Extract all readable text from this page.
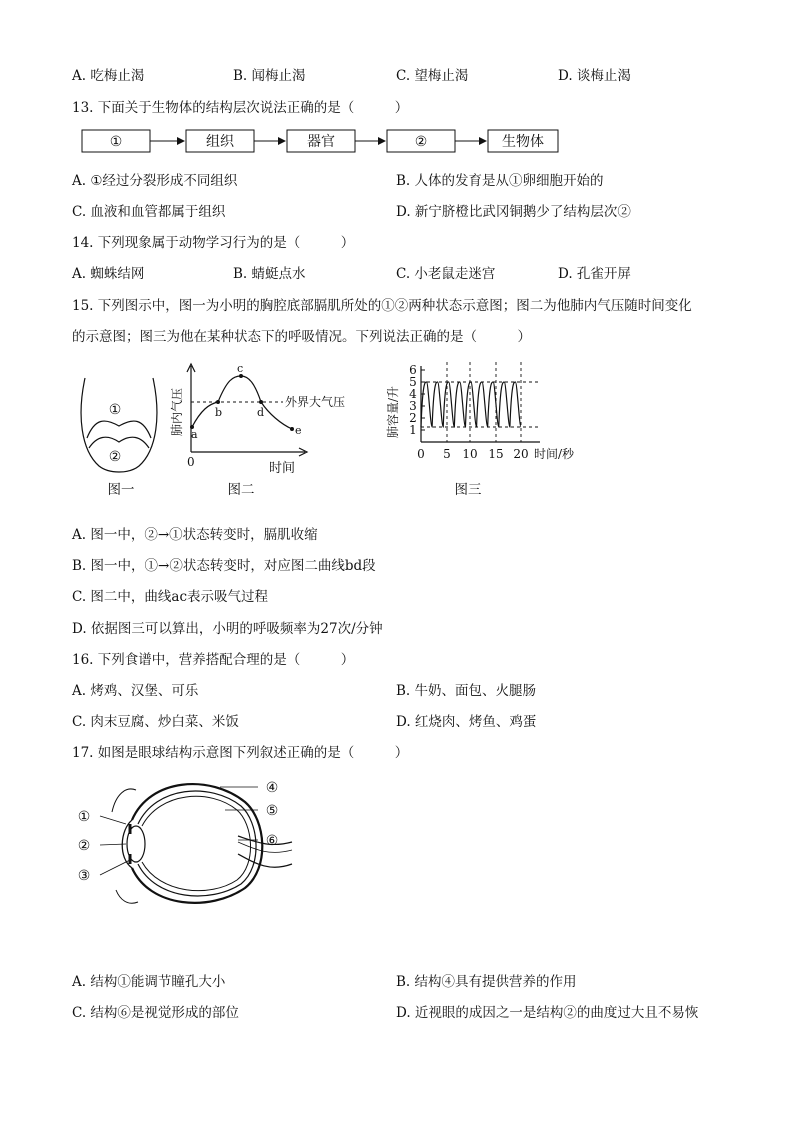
A. 吃梅止渴	B. 闻梅止渴	C. 望梅止渴	D. 谈梅止渴
13. 下面关于生物体的结构层次说法正确的是（　　　）
①	组织	器官	②	生物体
A. ①经过分裂形成不同组织	B. 人体的发育是从①卵细胞开始的
C. 血液和血管都属于组织	D. 新宁脐橙比武冈铜鹅少了结构层次②
14. 下列现象属于动物学习行为的是（　　　）
A. 蜘蛛结网	B. 蜻蜓点水	C. 小老鼠走迷宫	D. 孔雀开屏
15. 下列图示中，图一为小明的胸腔底部膈肌所处的①②两种状态示意图；图二为他肺内气压随时间变化
的示意图；图三为他在某种状态下的呼吸情况。下列说法正确的是（　　　）
①
②
图一
a
b
c
d
e
外界大气压
肺内气压
0	时间
图二
1
2
3
4
5
6
0 5 10 15 20 时间/秒
肺容量/升
图三
A. 图一中，②→①状态转变时，膈肌收缩
B. 图一中，①→②状态转变时，对应图二曲线bd段
C. 图二中，曲线ac表示吸气过程
D. 依据图三可以算出，小明的呼吸频率为27次/分钟
16. 下列食谱中，营养搭配合理的是（　　　）
A. 烤鸡、汉堡、可乐	B. 牛奶、面包、火腿肠
C. 肉末豆腐、炒白菜、米饭	D. 红烧肉、烤鱼、鸡蛋
17. 如图是眼球结构示意图下列叙述正确的是（　　　）
①
②
③
④
⑤
⑥
A. 结构①能调节瞳孔大小	B. 结构④具有提供营养的作用
C. 结构⑥是视觉形成的部位	D. 近视眼的成因之一是结构②的曲度过大且不易恢
